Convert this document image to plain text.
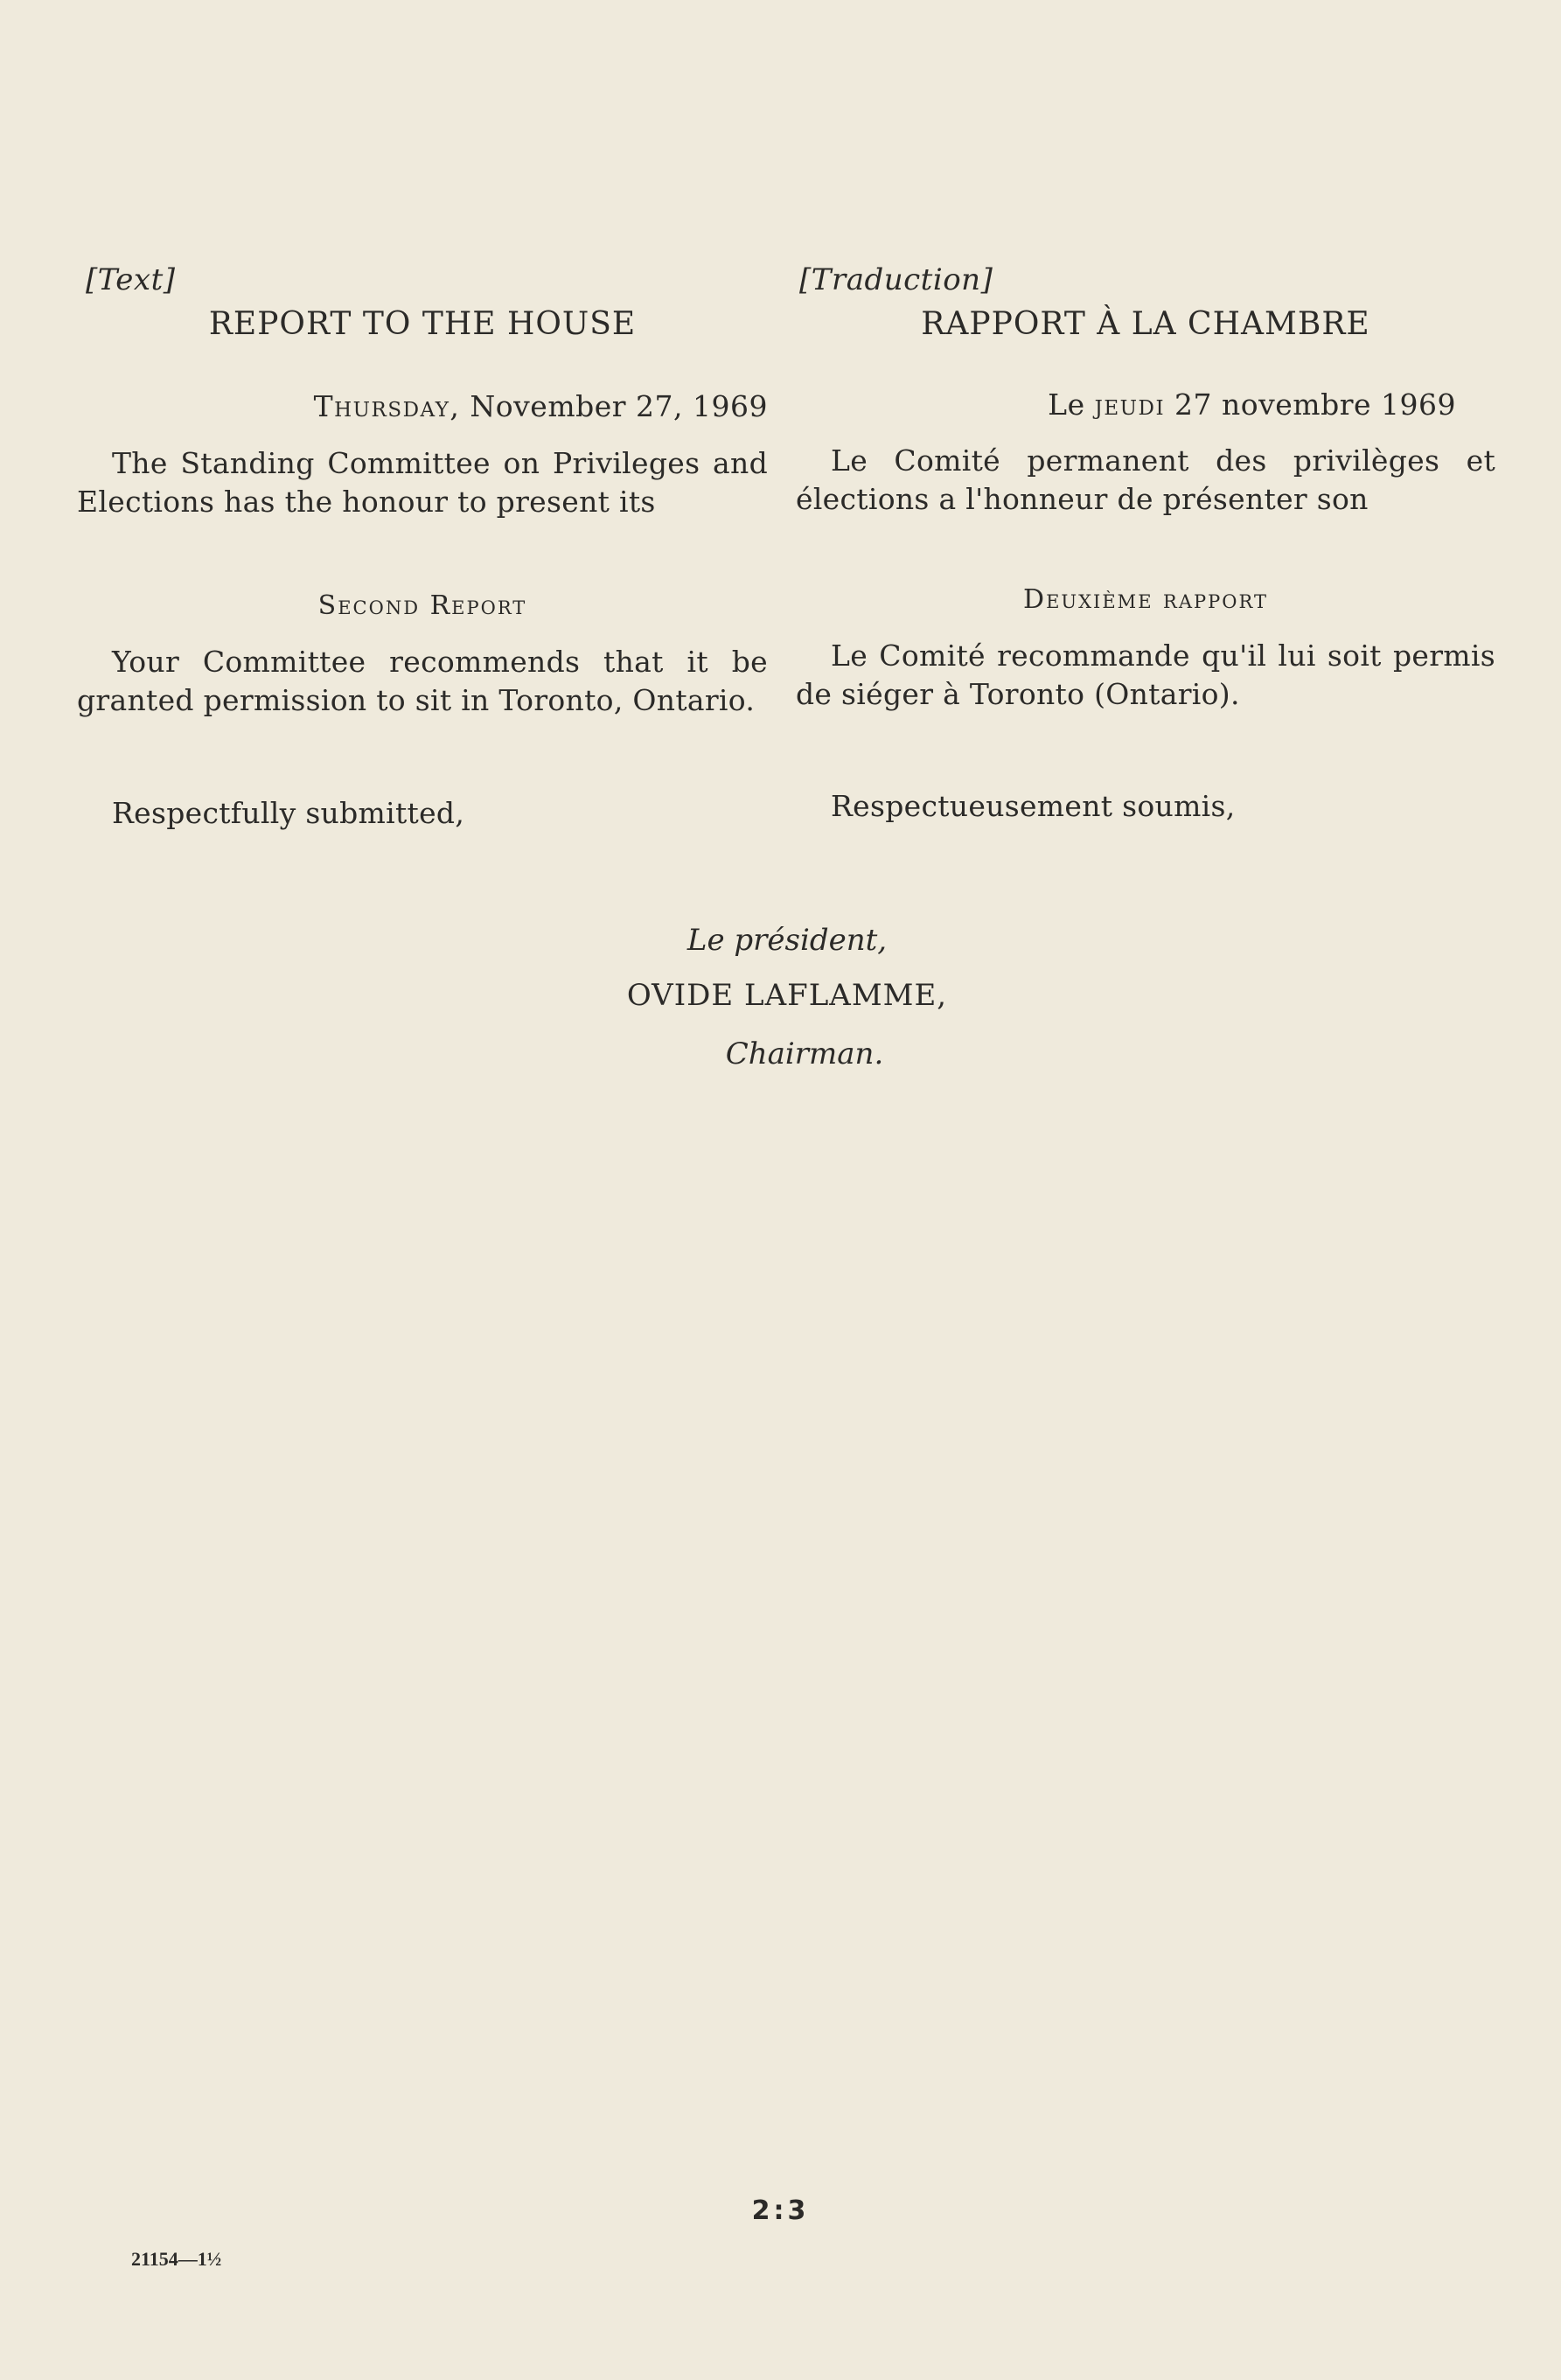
[Text]
REPORT TO THE HOUSE
Thursday, November 27, 1969
The Standing Committee on Privileges and Elections has the honour to present its
Second Report
Your Committee recommends that it be granted permission to sit in Toronto, Ontario.
Respectfully submitted,
[Traduction]
RAPPORT À LA CHAMBRE
Le jeudi 27 novembre 1969
Le Comité permanent des privilèges et élections a l'honneur de présenter son
Deuxième rapport
Le Comité recommande qu'il lui soit permis de siéger à Toronto (Ontario).
Respectueusement soumis,
Le président,
OVIDE LAFLAMME,
Chairman.
2:3
21154—1½
